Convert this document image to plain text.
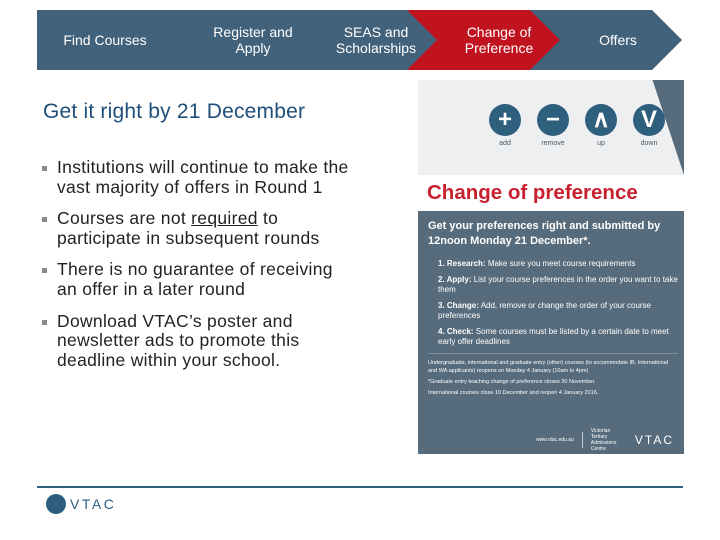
Find Courses	Register and
Apply
SEAS and
Scholarships
Change of
Preference	Offers
Get it right by 21 December
Institutions will continue to make the vast majority of offers in Round 1
Courses are not required to participate in subsequent rounds
There is no guarantee of receiving an offer in a later round
Download VTAC’s poster and newsletter ads to promote this deadline within your school.
+
add
−
remove
∧
up
V
down
Change of preference
Get your preferences right and submitted by 12noon Monday 21 December*.
1. Research: Make sure you meet course requirements
2. Apply: List your course preferences in the order you want to take them
3. Change: Add, remove or change the order of your course preferences
4. Check: Some courses must be listed by a certain date to meet early offer deadlines
Undergraduate, international and graduate entry (other) courses (to accommodate IB, International and WA applicants) reopens on Monday 4 January (10am to 4pm)
*Graduate entry teaching change of preference closes 30 November.
International courses close 10 December and reopen 4 January 2016.
www.vtac.edu.au
Victorian Tertiary Admissions Centre
VTAC
VTAC
